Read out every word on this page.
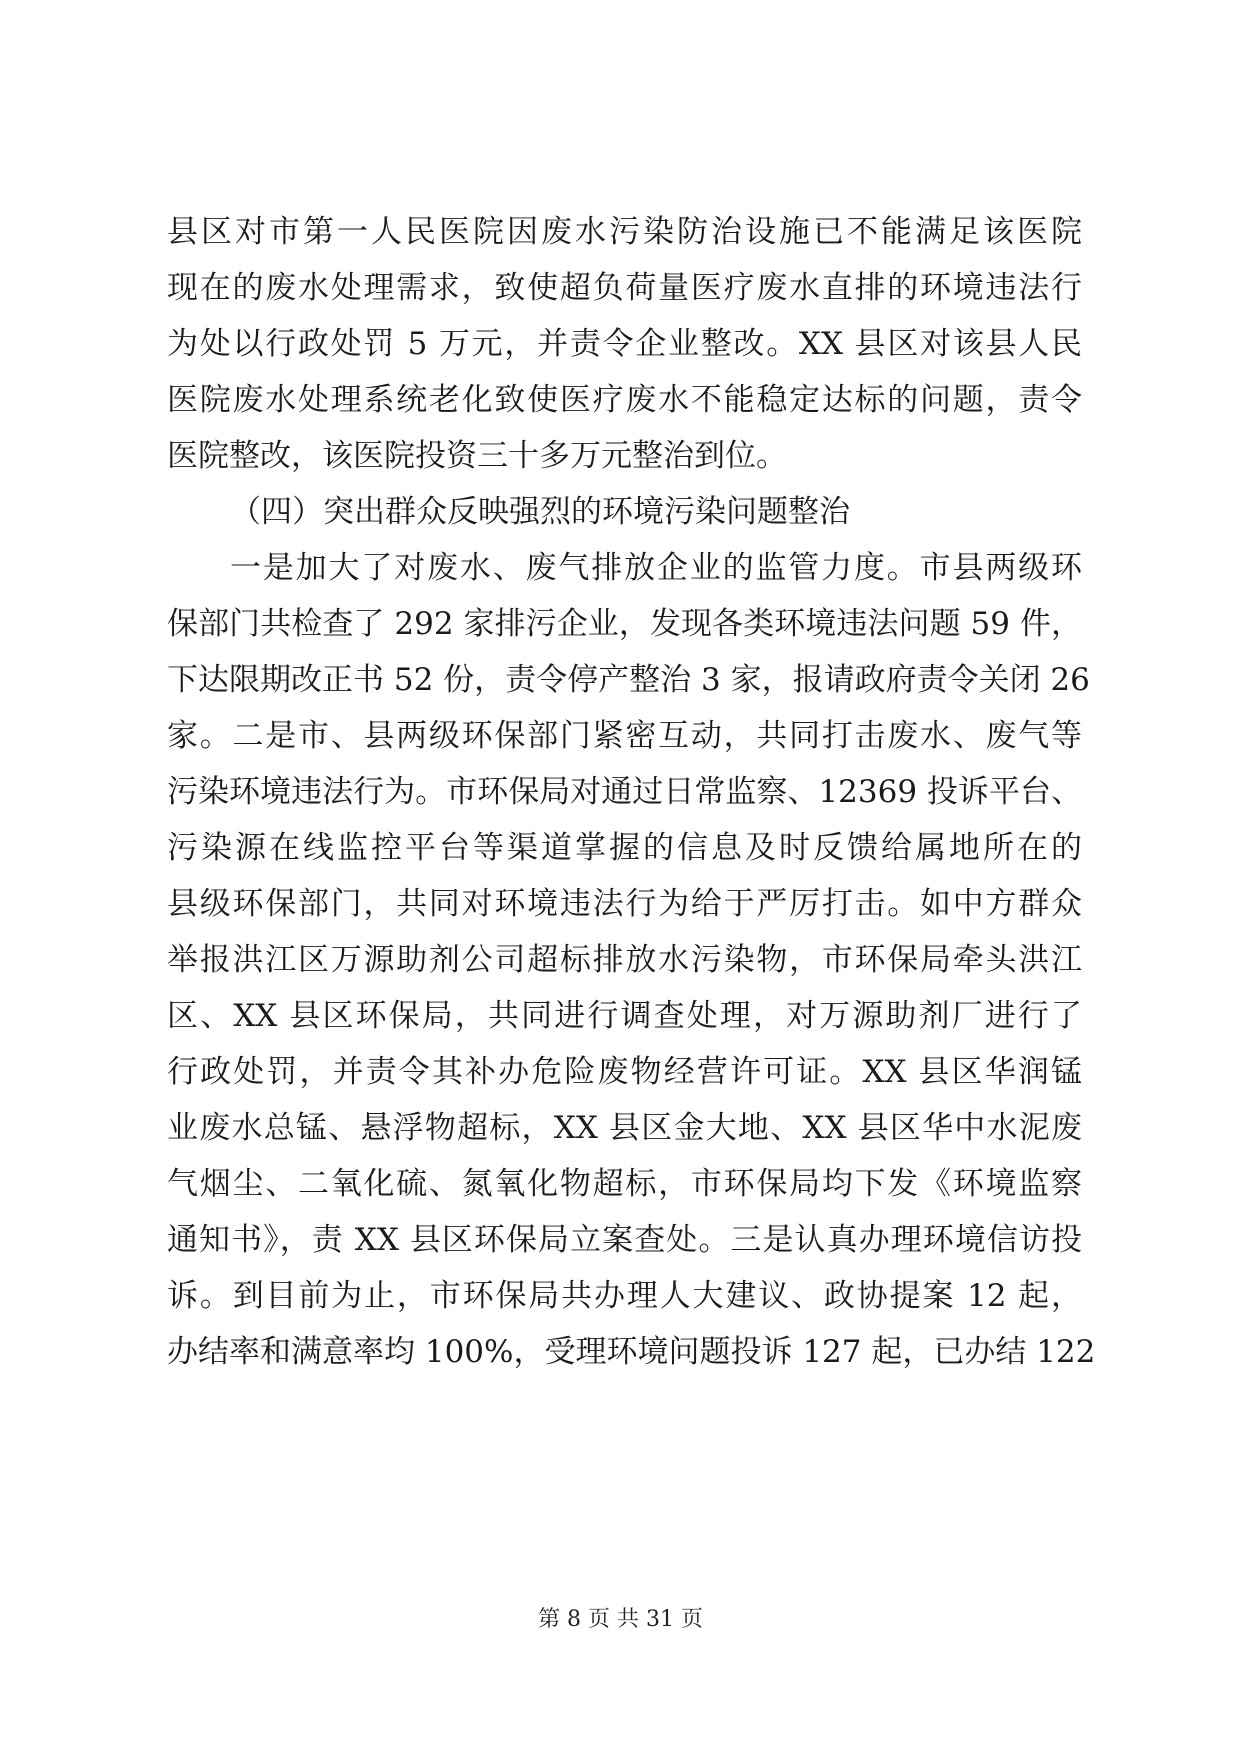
县区对市第一人民医院因废水污染防治设施已不能满足该医院
现在的废水处理需求，致使超负荷量医疗废水直排的环境违法行
为处以行政处罚 5 万元，并责令企业整改。XX 县区对该县人民
医院废水处理系统老化致使医疗废水不能稳定达标的问题，责令
医院整改，该医院投资三十多万元整治到位。
（四）突出群众反映强烈的环境污染问题整治
一是加大了对废水、废气排放企业的监管力度。市县两级环
保部门共检查了 292 家排污企业，发现各类环境违法问题 59 件，
下达限期改正书 52 份，责令停产整治 3 家，报请政府责令关闭 26
家。二是市、县两级环保部门紧密互动，共同打击废水、废气等
污染环境违法行为。市环保局对通过日常监察、12369 投诉平台、
污染源在线监控平台等渠道掌握的信息及时反馈给属地所在的
县级环保部门，共同对环境违法行为给于严厉打击。如中方群众
举报洪江区万源助剂公司超标排放水污染物，市环保局牵头洪江
区、XX 县区环保局，共同进行调查处理，对万源助剂厂进行了
行政处罚，并责令其补办危险废物经营许可证。XX 县区华润锰
业废水总锰、悬浮物超标，XX 县区金大地、XX 县区华中水泥废
气烟尘、二氧化硫、氮氧化物超标，市环保局均下发《环境监察
通知书》，责 XX 县区环保局立案查处。三是认真办理环境信访投
诉。到目前为止，市环保局共办理人大建议、政协提案 12 起，
办结率和满意率均 100%，受理环境问题投诉 127 起，已办结 122
第 8 页 共 31 页
